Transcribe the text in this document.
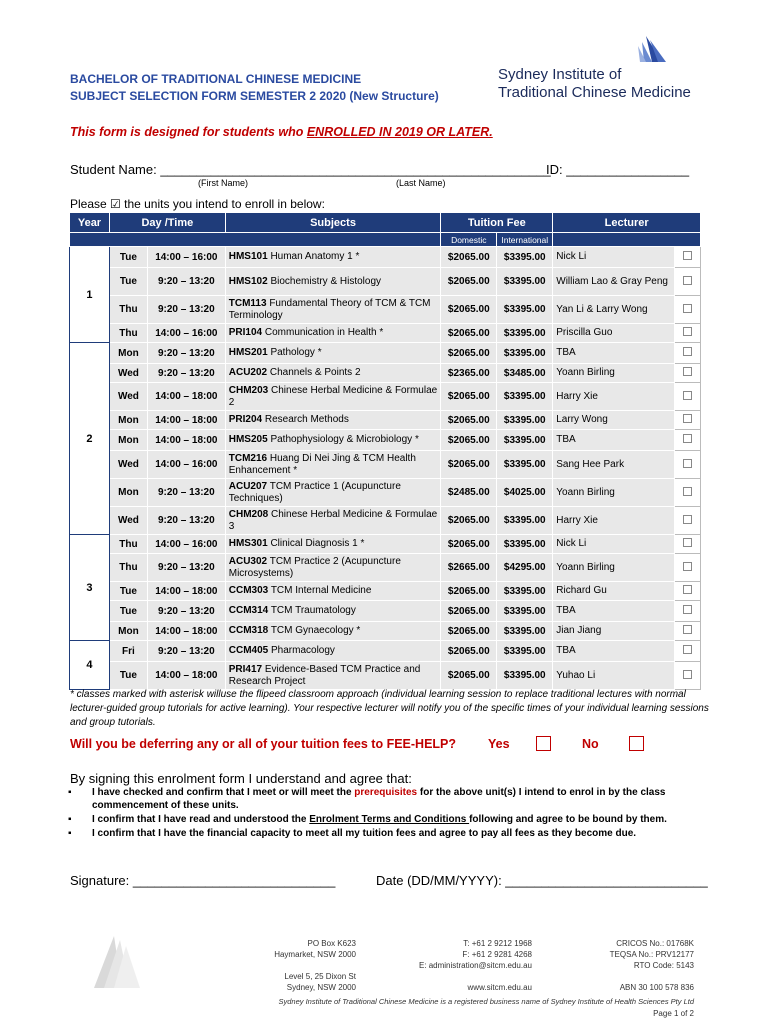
BACHELOR OF TRADITIONAL CHINESE MEDICINE
SUBJECT SELECTION FORM SEMESTER 2 2020 (New Structure)
Sydney Institute of
Traditional Chinese Medicine
This form is designed for students who ENROLLED IN 2019 OR LATER.
Student Name: ______________________________________________________
ID: _________________
(First Name)	(Last Name)
Please ☑ the units you intend to enroll in below:
Year	Day /Time		Subjects	Tuition Fee		Lecturer	
				Domestic	International		
1	Tue	14:00 – 16:00	HMS101 Human Anatomy 1 *	$2065.00	$3395.00	Nick Li	
	Tue	9:20 – 13:20	HMS102 Biochemistry & Histology	$2065.00	$3395.00	William Lao & Gray Peng	
	Thu	9:20 – 13:20	TCM113 Fundamental Theory of TCM & TCM Terminology	$2065.00	$3395.00	Yan Li & Larry Wong	
	Thu	14:00 – 16:00	PRI104 Communication in Health *	$2065.00	$3395.00	Priscilla Guo	
2	Mon	9:20 – 13:20	HMS201 Pathology *	$2065.00	$3395.00	TBA	
	Wed	9:20 – 13:20	ACU202 Channels & Points 2	$2365.00	$3485.00	Yoann Birling	
	Wed	14:00 – 18:00	CHM203 Chinese Herbal Medicine & Formulae 2	$2065.00	$3395.00	Harry Xie	
	Mon	14:00 – 18:00	PRI204 Research Methods	$2065.00	$3395.00	Larry Wong	
	Mon	14:00 – 18:00	HMS205 Pathophysiology & Microbiology *	$2065.00	$3395.00	TBA	
	Wed	14:00 – 16:00	TCM216 Huang Di Nei Jing & TCM Health Enhancement *	$2065.00	$3395.00	Sang Hee Park	
	Mon	9:20 – 13:20	ACU207 TCM Practice 1 (Acupuncture Techniques)	$2485.00	$4025.00	Yoann Birling	
	Wed	9:20 – 13:20	CHM208 Chinese Herbal Medicine & Formulae 3	$2065.00	$3395.00	Harry Xie	
3	Thu	14:00 – 16:00	HMS301 Clinical Diagnosis 1 *	$2065.00	$3395.00	Nick Li	
	Thu	9:20 – 13:20	ACU302 TCM Practice 2 (Acupuncture Microsystems)	$2665.00	$4295.00	Yoann Birling	
	Tue	14:00 – 18:00	CCM303 TCM Internal Medicine	$2065.00	$3395.00	Richard Gu	
	Tue	9:20 – 13:20	CCM314 TCM Traumatology	$2065.00	$3395.00	TBA	
	Mon	14:00 – 18:00	CCM318 TCM Gynaecology *	$2065.00	$3395.00	Jian Jiang	
4	Fri	9:20 – 13:20	CCM405 Pharmacology	$2065.00	$3395.00	TBA	
	Tue	14:00 – 18:00	PRI417 Evidence-Based TCM Practice and Research Project	$2065.00	$3395.00	Yuhao Li	
* classes marked with asterisk willuse the flipeed classroom approach (individual learning session to replace traditional lectures with normal lecturer-guided group tutorials for active learning). Your respective lecturer will notify you of the specific times of your individual learning sessions and group tutorials.
Will you be deferring any or all of your tuition fees to FEE-HELP?	Yes	No
By signing this enrolment form I understand and agree that:
▪ I have checked and confirm that I meet or will meet the prerequisites for the above unit(s) I intend to enrol in by the class commencement of these units.
▪ I confirm that I have read and understood the Enrolment Terms and Conditions following and agree to be bound by them.
▪ I confirm that I have the financial capacity to meet all my tuition fees and agree to pay all fees as they become due.
Signature: ____________________________	Date (DD/MM/YYYY): ____________________________
PO Box K623
Haymarket, NSW 2000
Level 5, 25 Dixon St
Sydney, NSW 2000
T: +61 2 9212 1968
F: +61 2 9281 4268
E: administration@sitcm.edu.au
www.sitcm.edu.au
CRICOS No.: 01768K
TEQSA No.: PRV12177
RTO Code: 5143
ABN 30 100 578 836
Sydney Institute of Traditional Chinese Medicine is a registered business name of Sydney Institute of Health Sciences Pty Ltd
Page 1 of 2
